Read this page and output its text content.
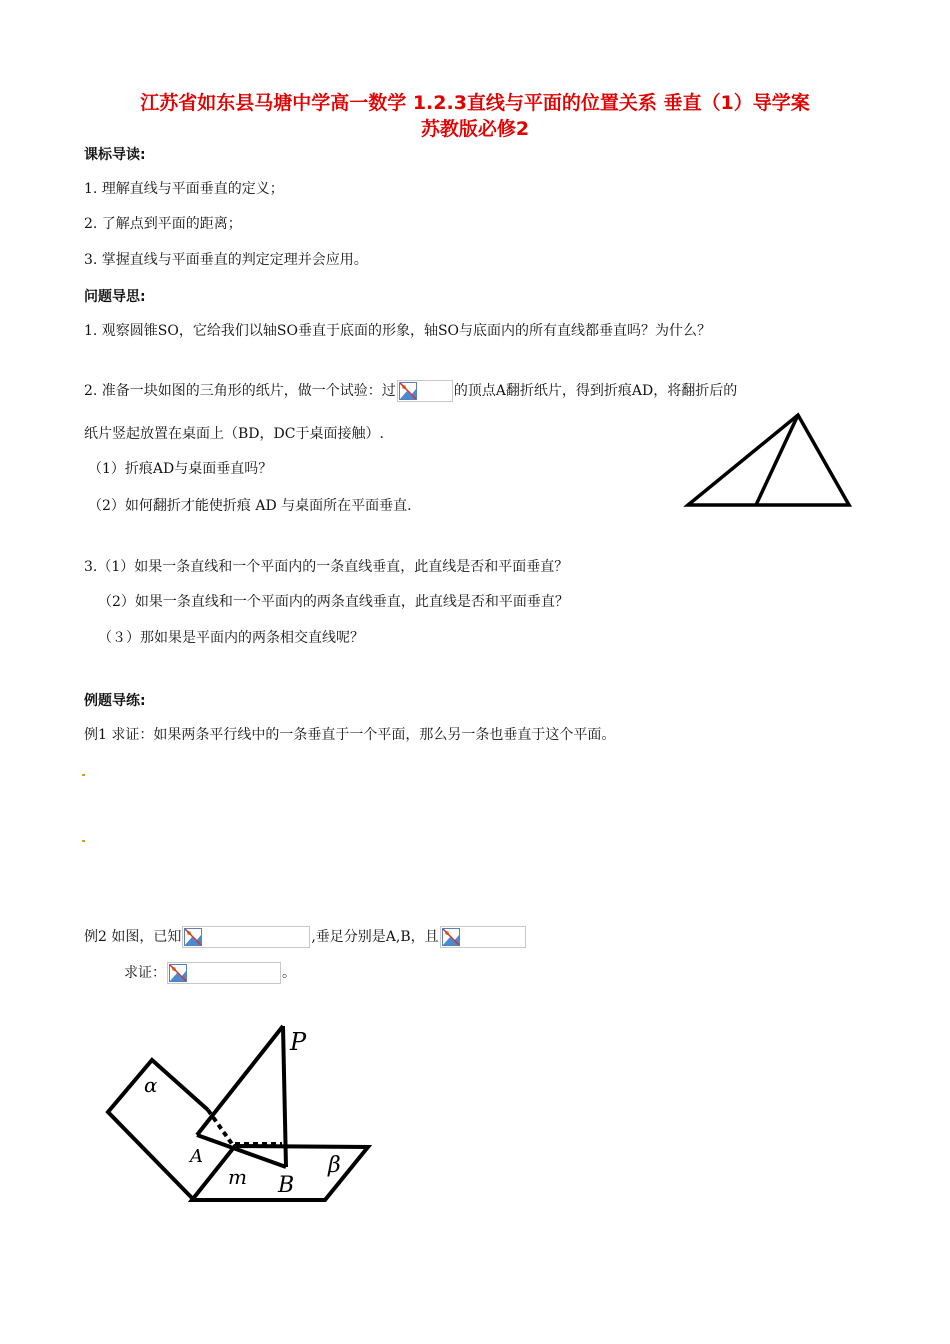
江苏省如东县马塘中学高一数学 1.2.3直线与平面的位置关系 垂直（1）导学案
苏教版必修2
课标导读:
1. 理解直线与平面垂直的定义；
2. 了解点到平面的距离；
3. 掌握直线与平面垂直的判定定理并会应用。
问题导思:
1. 观察圆锥SO，它给我们以轴SO垂直于底面的形象，轴SO与底面内的所有直线都垂直吗？为什么？
2. 准备一块如图的三角形的纸片，做一个试验：过	的顶点A翻折纸片，得到折痕AD，将翻折后的
纸片竖起放置在桌面上（BD，DC于桌面接触）.
（1）折痕AD与桌面垂直吗？
（2）如何翻折才能使折痕 AD 与桌面所在平面垂直.
3.（1）如果一条直线和一个平面内的一条直线垂直，此直线是否和平面垂直？
（2）如果一条直线和一个平面内的两条直线垂直，此直线是否和平面垂直？
（３）那如果是平面内的两条相交直线呢？
例题导练:
例1 求证：如果两条平行线中的一条垂直于一个平面，那么另一条也垂直于这个平面。
例2 如图，已知	,垂足分别是A,B，且
求证：	。
P
α
A
m B
β
